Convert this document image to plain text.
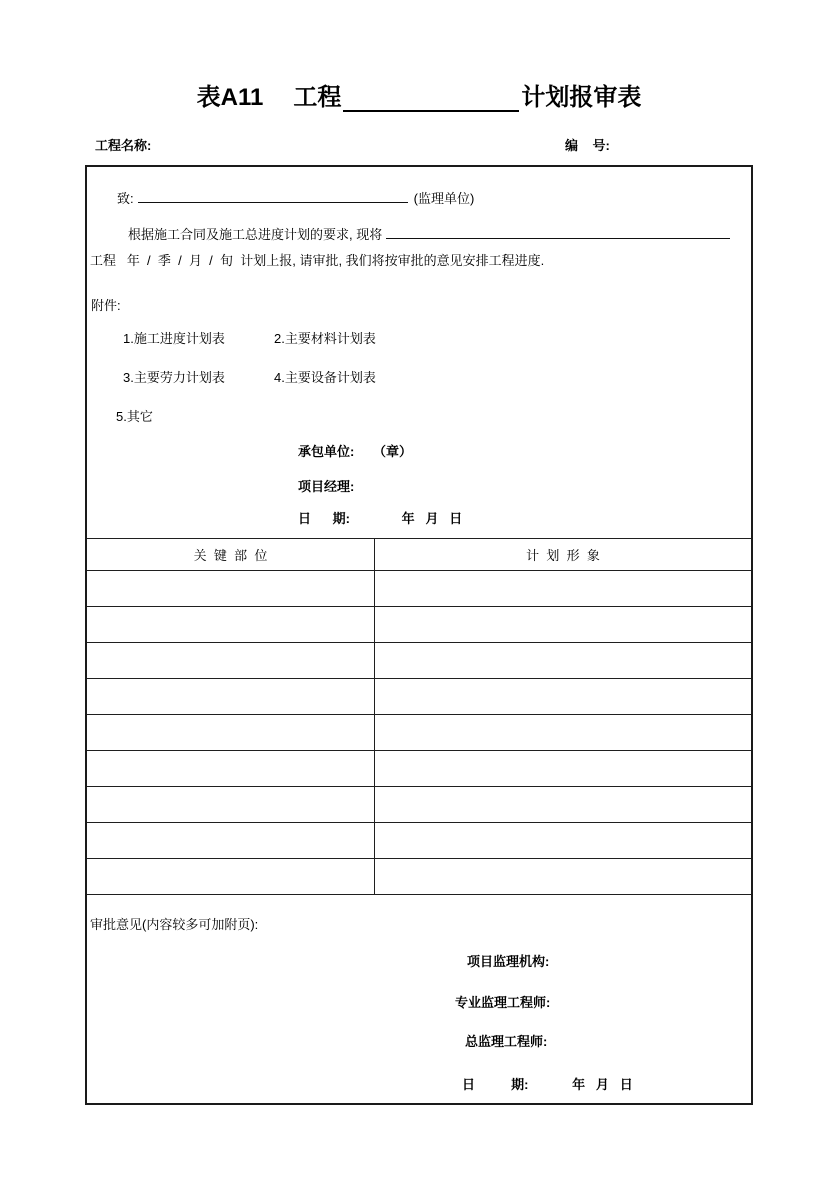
表A11 工程	计划报审表
工程名称:	编    号:
致:	(监理单位)
根据施工合同及施工总进度计划的要求, 现将
工程   年  /  季  /  月  /  旬  计划上报, 请审批, 我们将按审批的意见安排工程进度.
附件:
1.施工进度计划表	2.主要材料计划表
3.主要劳力计划表	4.主要设备计划表
5.其它
承包单位: （章）
项目经理:
日      期:	年   月   日
关  键  部  位	计  划  形  象

审批意见(内容较多可加附页):
项目监理机构:
专业监理工程师:
总监理工程师:
日          期:	年   月   日
